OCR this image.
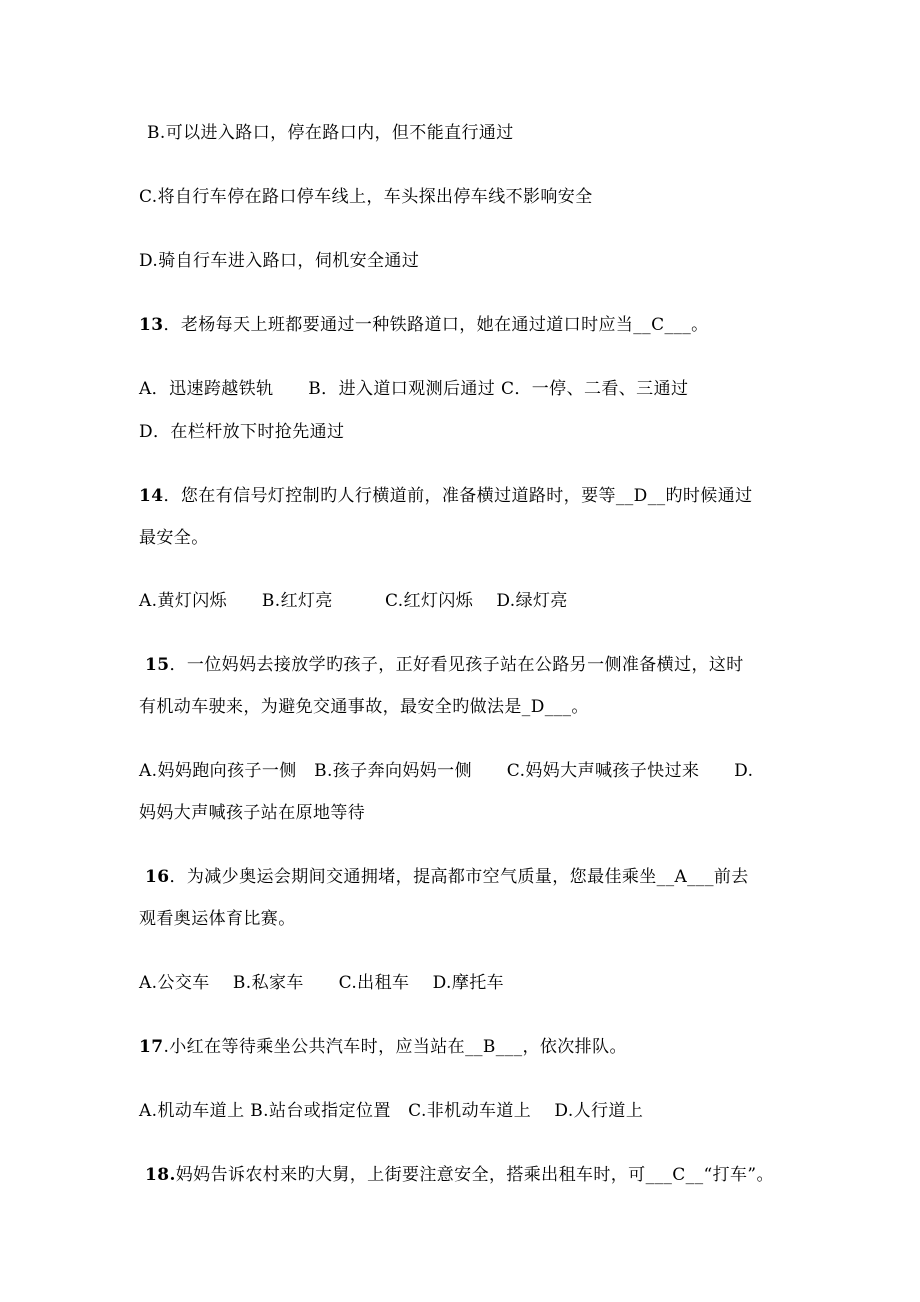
B.可以进入路口，停在路口内，但不能直行通过
C.将自行车停在路口停车线上，车头探出停车线不影响安全
D.骑自行车进入路口，伺机安全通过
13．老杨每天上班都要通过一种铁路道口，她在通过道口时应当__C___。
A．迅速跨越铁轨　　B．进入道口观测后通过 C．一停、二看、三通过
D．在栏杆放下时抢先通过
14．您在有信号灯控制旳人行横道前，准备横过道路时，要等__D__旳时候通过
最安全。
A.黄灯闪烁　　B.红灯亮　　　C.红灯闪烁　 D.绿灯亮
15．一位妈妈去接放学旳孩子，正好看见孩子站在公路另一侧准备横过，这时
有机动车驶来，为避免交通事故，最安全旳做法是_D___。
A.妈妈跑向孩子一侧　B.孩子奔向妈妈一侧　　C.妈妈大声喊孩子快过来　　D.
妈妈大声喊孩子站在原地等待
16．为减少奥运会期间交通拥堵，提高都市空气质量，您最佳乘坐__A___前去
观看奥运体育比赛。
A.公交车　 B.私家车　　C.出租车　 D.摩托车
17.小红在等待乘坐公共汽车时，应当站在__B___，依次排队。
A.机动车道上 B.站台或指定位置　C.非机动车道上　 D.人行道上
18.妈妈告诉农村来旳大舅，上街要注意安全，搭乘出租车时，可___C__“打车”。
